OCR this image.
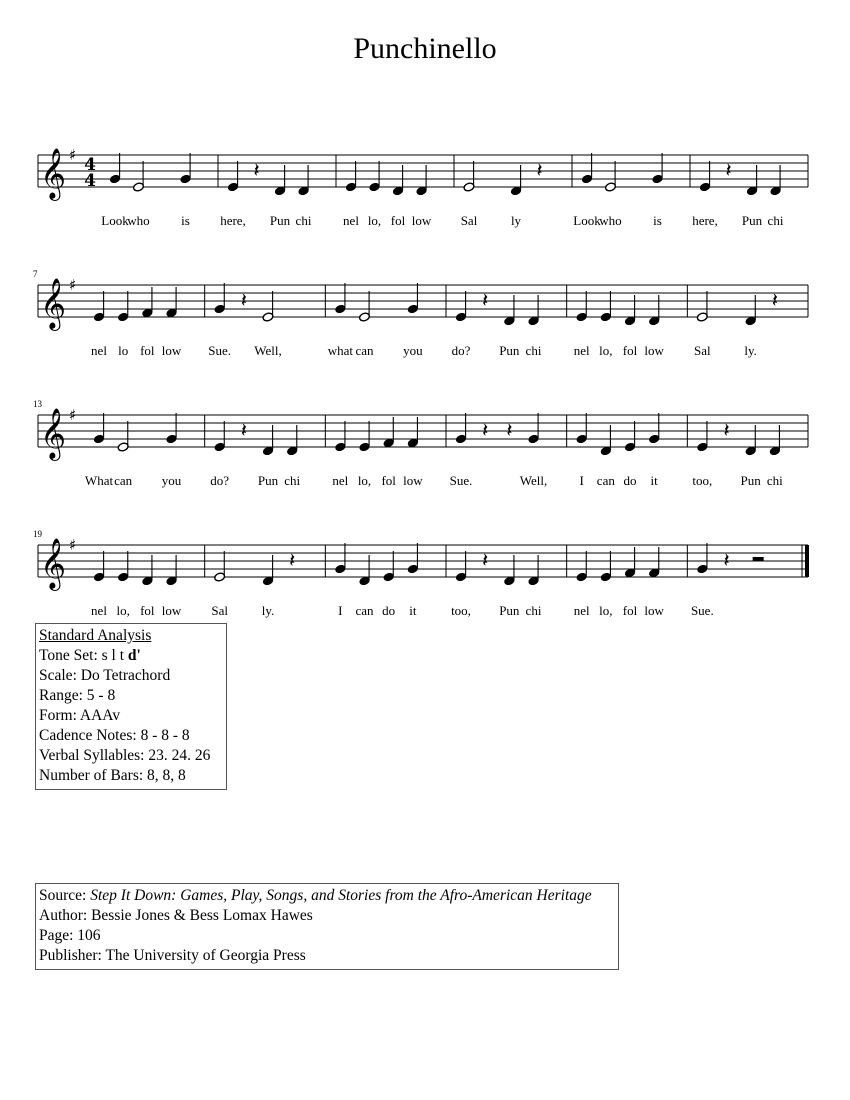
Punchinello
𝄞 ♯ 4
4
Look
who is here,
𝄽
Pun chi nel lo, fol low Sal	ly
𝄽
Look
who is here,
𝄽
Pun chi
𝄞 ♯
7
nel lo fol low Sue.
𝄽
Well,	what can you do?
𝄽
Pun chi nel lo, fol low Sal	ly.
𝄽
𝄞 ♯
13
What can you do?
𝄽
Pun chi nel lo, fol low Sue.
𝄽 𝄽
Well, I can do it	too,
𝄽
Pun chi
𝄞 ♯
19
nel lo, fol low Sal	ly.
𝄽
I can do it	too,
𝄽
Pun chi nel lo, fol low Sue.
𝄽
Standard Analysis
Tone Set: s l t d'
Scale: Do Tetrachord
Range: 5 - 8
Form: AAAv
Cadence Notes: 8 - 8 - 8
Verbal Syllables: 23. 24. 26
Number of Bars: 8, 8, 8
Source: Step It Down: Games, Play, Songs, and Stories from the Afro-American Heritage
Author: Bessie Jones & Bess Lomax Hawes
Page: 106
Publisher: The University of Georgia Press
